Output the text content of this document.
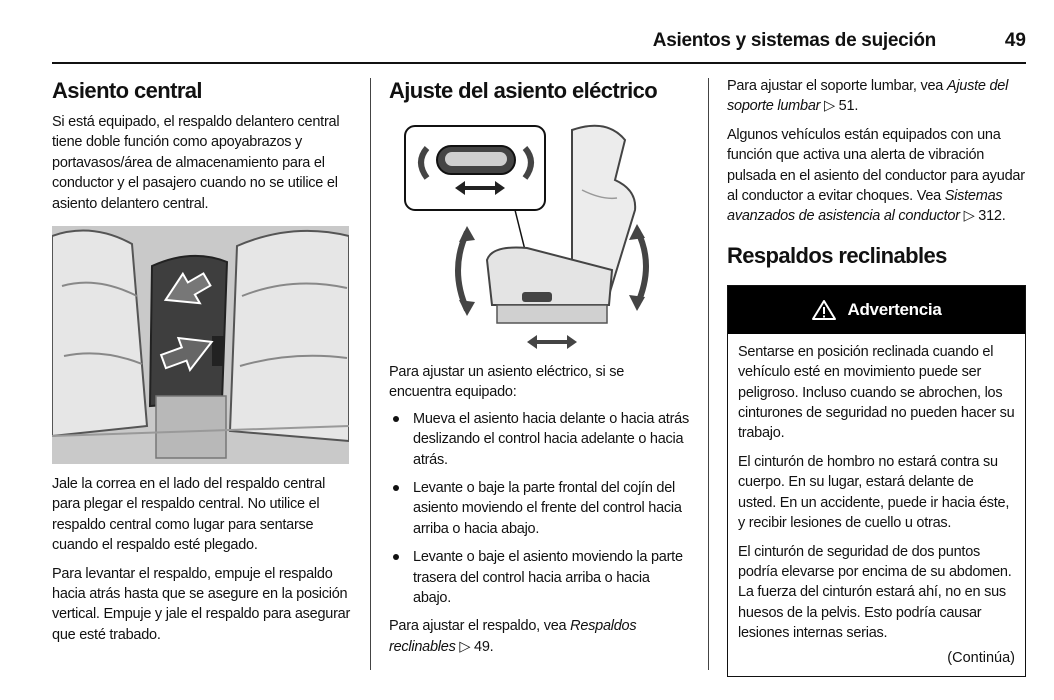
Asientos y sistemas de sujeción	49
Asiento central

Si está equipado, el respaldo delantero central tiene doble función como apoyabrazos y portavasos/área de almacenamiento para el conductor y el pasajero cuando no se utilice el asiento delantero central.

Jale la correa en el lado del respaldo central para plegar el respaldo central. No utilice el respaldo central como lugar para sentarse cuando el respaldo esté plegado.

Para levantar el respaldo, empuje el respaldo hacia atrás hasta que se asegure en la posición vertical. Empuje y jale el respaldo para asegurar que esté trabado.

Ajuste del asiento eléctrico

Para ajustar un asiento eléctrico, si se encuentra equipado:

Mueva el asiento hacia delante o hacia atrás deslizando el control hacia adelante o hacia atrás.
Levante o baje la parte frontal del cojín del asiento moviendo el frente del control hacia arriba o hacia abajo.
Levante o baje el asiento moviendo la parte trasera del control hacia arriba o hacia abajo.

Para ajustar el respaldo, vea Respaldos reclinables ▷ 49.

Para ajustar el soporte lumbar, vea Ajuste del soporte lumbar ▷ 51.

Algunos vehículos están equipados con una función que activa una alerta de vibración pulsada en el asiento del conductor para ayudar al conductor a evitar choques. Vea Sistemas avanzados de asistencia al conductor ▷ 312.

Respaldos reclinables
Advertencia

Sentarse en posición reclinada cuando el vehículo esté en movimiento puede ser peligroso. Incluso cuando se abrochen, los cinturones de seguridad no pueden hacer su trabajo.

El cinturón de hombro no estará contra su cuerpo. En su lugar, estará delante de usted. En un accidente, puede ir hacia éste, y recibir lesiones de cuello u otras.

El cinturón de seguridad de dos puntos podría elevarse por encima de su abdomen. La fuerza del cinturón estará ahí, no en sus huesos de la pelvis. Esto podría causar lesiones internas serias.

(Continúa)
